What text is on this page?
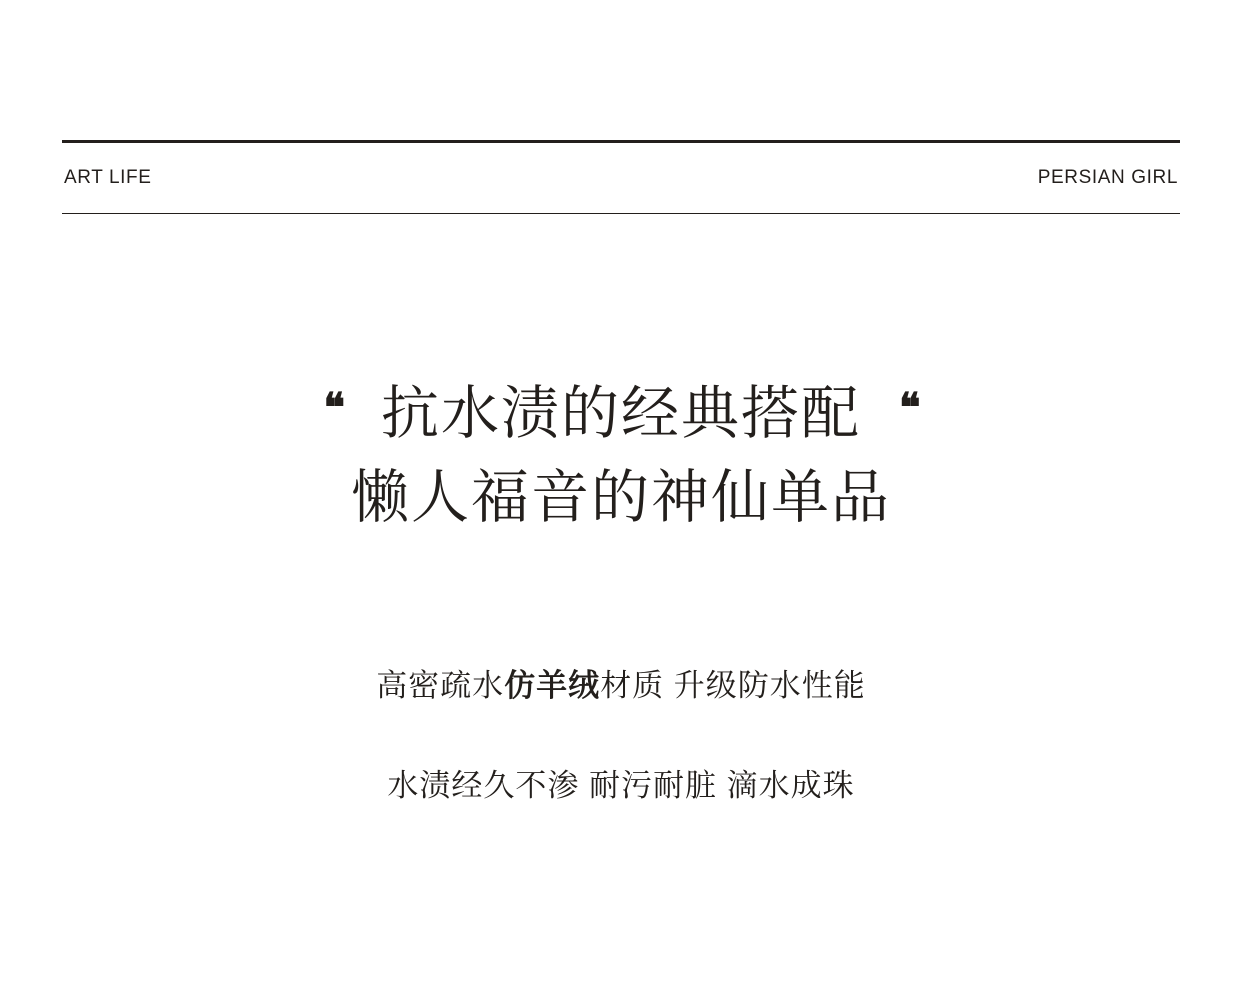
ART LIFE	PERSIAN GIRL
❝ 抗水渍的经典搭配 ❝
懒人福音的神仙单品
高密疏水仿羊绒材质 升级防水性能
水渍经久不渗 耐污耐脏 滴水成珠
